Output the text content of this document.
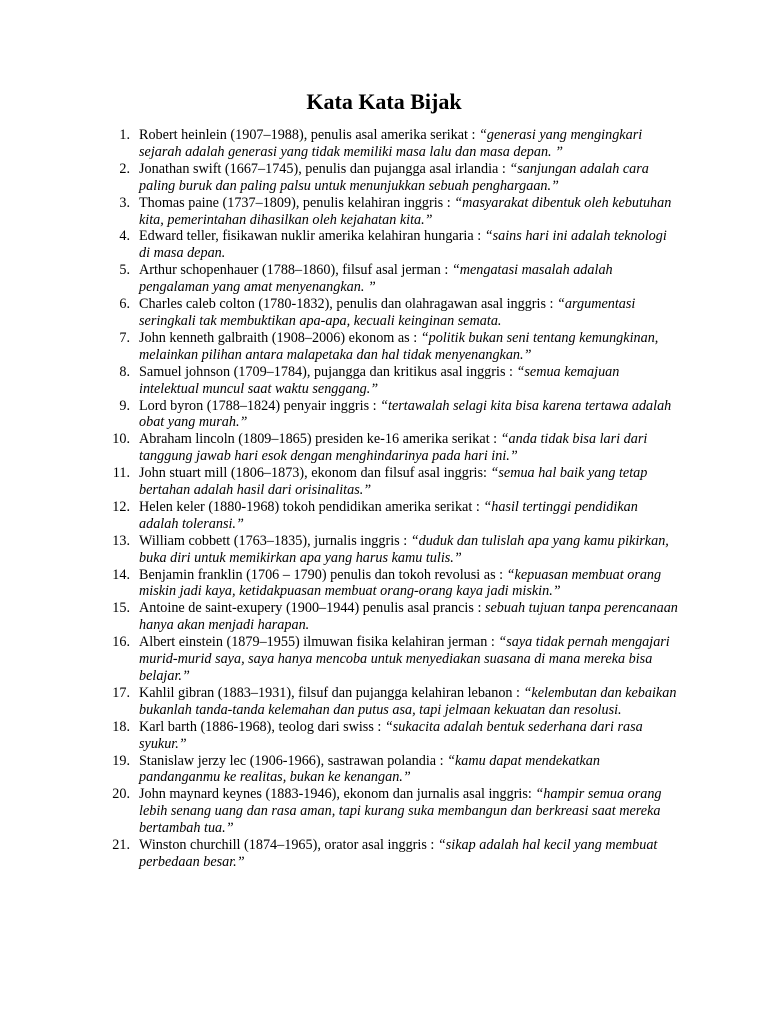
Kata Kata Bijak
1. Robert heinlein (1907–1988), penulis asal amerika serikat : “generasi yang mengingkari sejarah adalah generasi yang tidak memiliki masa lalu dan masa depan. ”
2. Jonathan swift (1667–1745), penulis dan pujangga asal irlandia : “sanjungan adalah cara paling buruk dan paling palsu untuk menunjukkan sebuah penghargaan.”
3. Thomas paine (1737–1809), penulis kelahiran inggris : “masyarakat dibentuk oleh kebutuhan kita, pemerintahan dihasilkan oleh kejahatan kita.”
4. Edward teller, fisikawan nuklir amerika kelahiran hungaria : “sains hari ini adalah teknologi di masa depan.
5. Arthur schopenhauer (1788–1860), filsuf asal jerman : “mengatasi masalah adalah pengalaman yang amat menyenangkan. ”
6. Charles caleb colton (1780-1832), penulis dan olahragawan asal inggris : “argumentasi seringkali tak membuktikan apa-apa, kecuali keinginan semata.
7. John kenneth galbraith (1908–2006) ekonom as : “politik bukan seni tentang kemungkinan, melainkan pilihan antara malapetaka dan hal tidak menyenangkan.”
8. Samuel johnson (1709–1784), pujangga dan kritikus asal inggris : “semua kemajuan intelektual muncul saat waktu senggang.”
9. Lord byron (1788–1824) penyair inggris : “tertawalah selagi kita bisa karena tertawa adalah obat yang murah.”
10. Abraham lincoln (1809–1865) presiden ke-16 amerika serikat : “anda tidak bisa lari dari tanggung jawab hari esok dengan menghindarinya pada hari ini.”
11. John stuart mill (1806–1873), ekonom dan filsuf asal inggris: “semua hal baik yang tetap bertahan adalah hasil dari orisinalitas.”
12. Helen keler (1880-1968) tokoh pendidikan amerika serikat : “hasil tertinggi pendidikan adalah toleransi.”
13. William cobbett (1763–1835), jurnalis inggris : “duduk dan tulislah apa yang kamu pikirkan, buka diri untuk memikirkan apa yang harus kamu tulis.”
14. Benjamin franklin (1706 – 1790) penulis dan tokoh revolusi as : “kepuasan membuat orang miskin jadi kaya, ketidakpuasan membuat orang-orang kaya jadi miskin.”
15. Antoine de saint-exupery (1900–1944) penulis asal prancis : sebuah tujuan tanpa perencanaan hanya akan menjadi harapan.
16. Albert einstein (1879–1955) ilmuwan fisika kelahiran jerman : “saya tidak pernah mengajari murid-murid saya, saya hanya mencoba untuk menyediakan suasana di mana mereka bisa belajar.”
17. Kahlil gibran (1883–1931), filsuf dan pujangga kelahiran lebanon : “kelembutan dan kebaikan bukanlah tanda-tanda kelemahan dan putus asa, tapi jelmaan kekuatan dan resolusi.
18. Karl barth (1886-1968), teolog dari swiss : “sukacita adalah bentuk sederhana dari rasa syukur.”
19. Stanislaw jerzy lec (1906-1966), sastrawan polandia : “kamu dapat mendekatkan pandanganmu ke realitas, bukan ke kenangan.”
20. John maynard keynes (1883-1946), ekonom dan jurnalis asal inggris: “hampir semua orang lebih senang uang dan rasa aman, tapi kurang suka membangun dan berkreasi saat mereka bertambah tua.”
21. Winston churchill (1874–1965), orator asal inggris : “sikap adalah hal kecil yang membuat perbedaan besar.”
